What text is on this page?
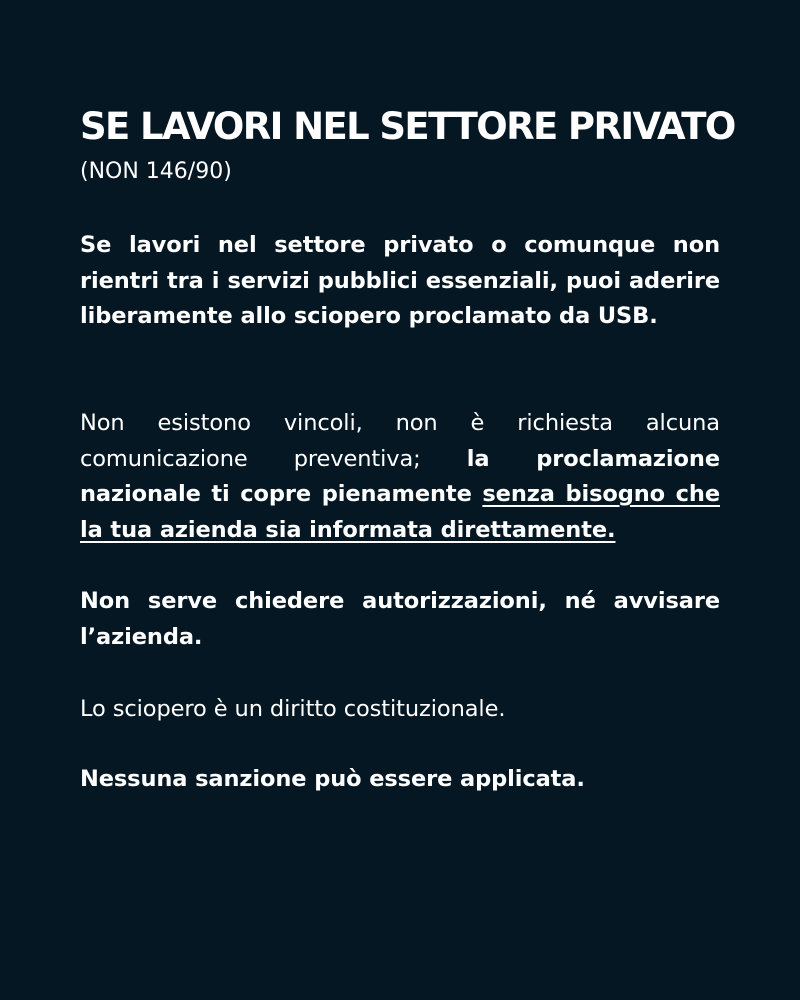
SE LAVORI NEL SETTORE PRIVATO

(NON 146/90)

Se lavori nel settore privato o comunque non rientri tra i servizi pubblici essenziali, puoi aderire liberamente allo sciopero proclamato da USB.

Non esistono vincoli, non è richiesta alcuna comunicazione preventiva; la proclamazione nazionale ti copre pienamente senza bisogno che la tua azienda sia informata direttamente.

Non serve chiedere autorizzazioni, né avvisare l’azienda.

Lo sciopero è un diritto costituzionale.

Nessuna sanzione può essere applicata.
